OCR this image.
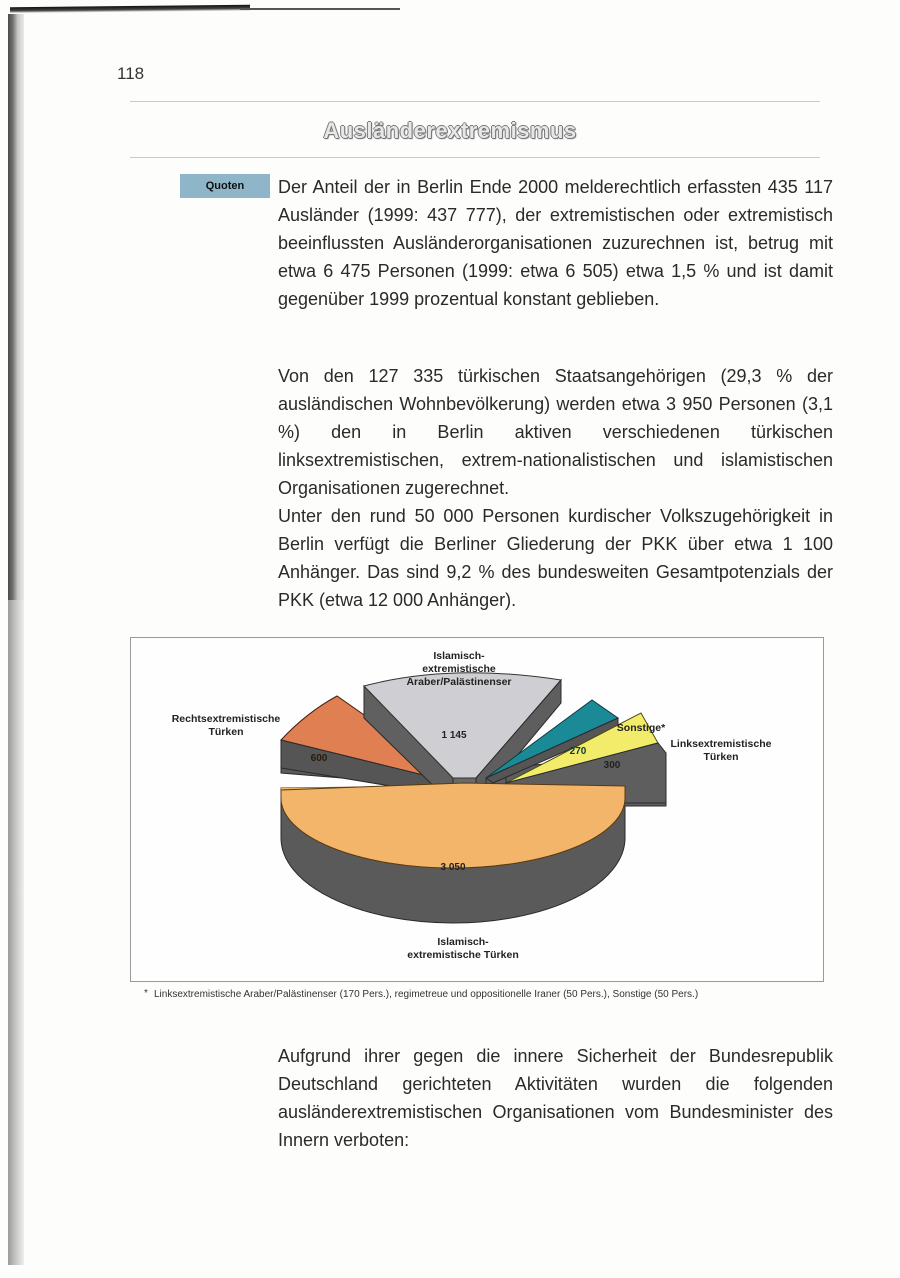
118
Ausländerextremismus
Quoten	Der Anteil der in Berlin Ende 2000 melderechtlich erfassten 435 117 Ausländer (1999: 437 777), der extremistischen oder extremistisch beeinflussten Ausländerorganisationen zuzurechnen ist, betrug mit etwa 6 475 Personen (1999: etwa 6 505) etwa 1,5 % und ist damit gegenüber 1999 prozentual konstant geblieben.
Von den 127 335 türkischen Staatsangehörigen (29,3 % der ausländischen Wohnbevölkerung) werden etwa 3 950 Personen (3,1 %) den in Berlin aktiven verschiedenen türkischen linksextremistischen, extrem-nationalistischen und islamistischen Organisationen zugerechnet.
Unter den rund 50 000 Personen kurdischer Volkszugehörigkeit in Berlin verfügt die Berliner Gliederung der PKK über etwa 1 100 Anhänger. Das sind 9,2 % des bundesweiten Gesamtpotenzials der PKK (etwa 12 000 Anhänger).
3 050
600
1 145
270
300
Islamisch-
extremistische
Araber/Palästinenser
Rechtsextremistische
Türken	Sonstige*
Linksextremistische
Türken
Islamisch-
extremistische Türken
* Linksextremistische Araber/Palästinenser (170 Pers.), regimetreue und oppositionelle Iraner (50 Pers.), Sonstige (50 Pers.)
Aufgrund ihrer gegen die innere Sicherheit der Bundesrepublik Deutschland gerichteten Aktivitäten wurden die folgenden ausländerextremistischen Organisationen vom Bundesminister des Innern verboten:
